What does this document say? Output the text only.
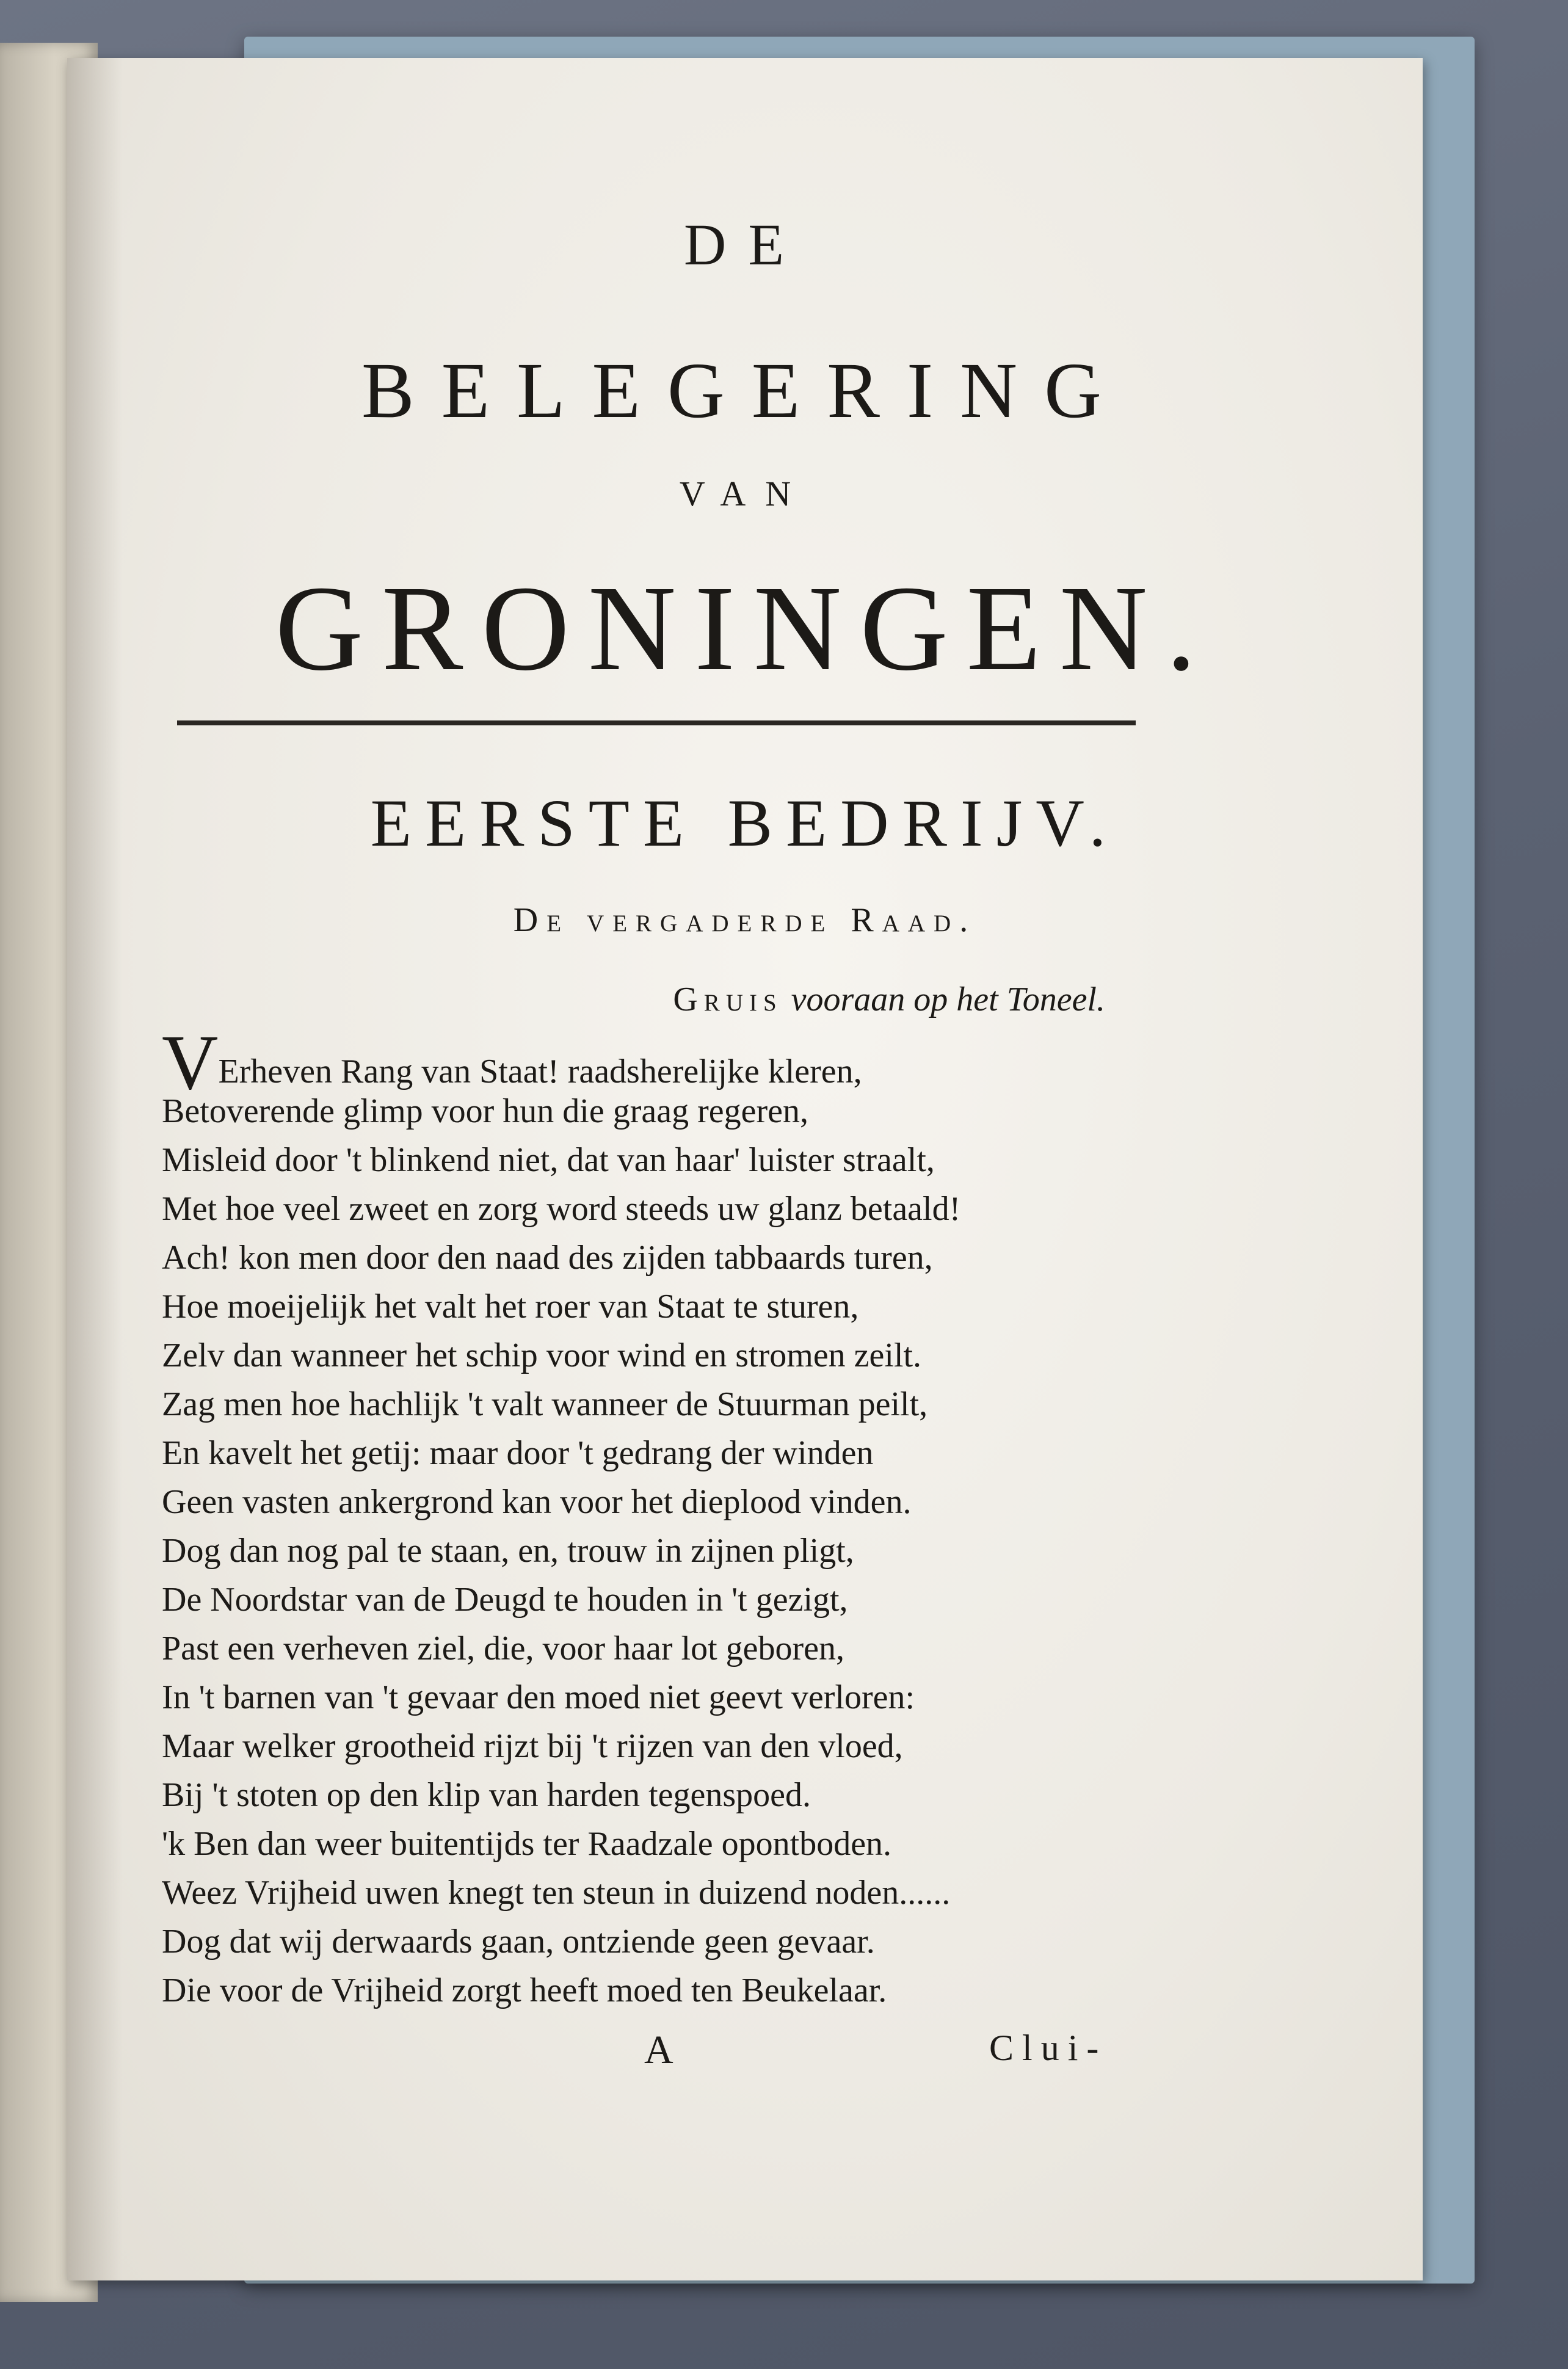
DE
BELEGERING
VAN
GRONINGEN.
EERSTE BEDRIJV.
De vergaderde Raad.
Gruis vooraan op het Toneel.
VErheven Rang van Staat! raadsherelijke kleren,
Betoverende glimp voor hun die graag regeren,
Misleid door 't blinkend niet, dat van haar' luister straalt,
Met hoe veel zweet en zorg word steeds uw glanz betaald!
Ach! kon men door den naad des zijden tabbaards turen,
Hoe moeijelijk het valt het roer van Staat te sturen,
Zelv dan wanneer het schip voor wind en stromen zeilt.
Zag men hoe hachlijk 't valt wanneer de Stuurman peilt,
En kavelt het getij: maar door 't gedrang der winden
Geen vasten ankergrond kan voor het dieplood vinden.
Dog dan nog pal te staan, en, trouw in zijnen pligt,
De Noordstar van de Deugd te houden in 't gezigt,
Past een verheven ziel, die, voor haar lot geboren,
In 't barnen van 't gevaar den moed niet geevt verloren:
Maar welker grootheid rijzt bij 't rijzen van den vloed,
Bij 't stoten op den klip van harden tegenspoed.
'k Ben dan weer buitentijds ter Raadzale opontboden.
Weez Vrijheid uwen knegt ten steun in duizend noden......
Dog dat wij derwaards gaan, ontziende geen gevaar.
Die voor de Vrijheid zorgt heeft moed ten Beukelaar.
A	Clui-
